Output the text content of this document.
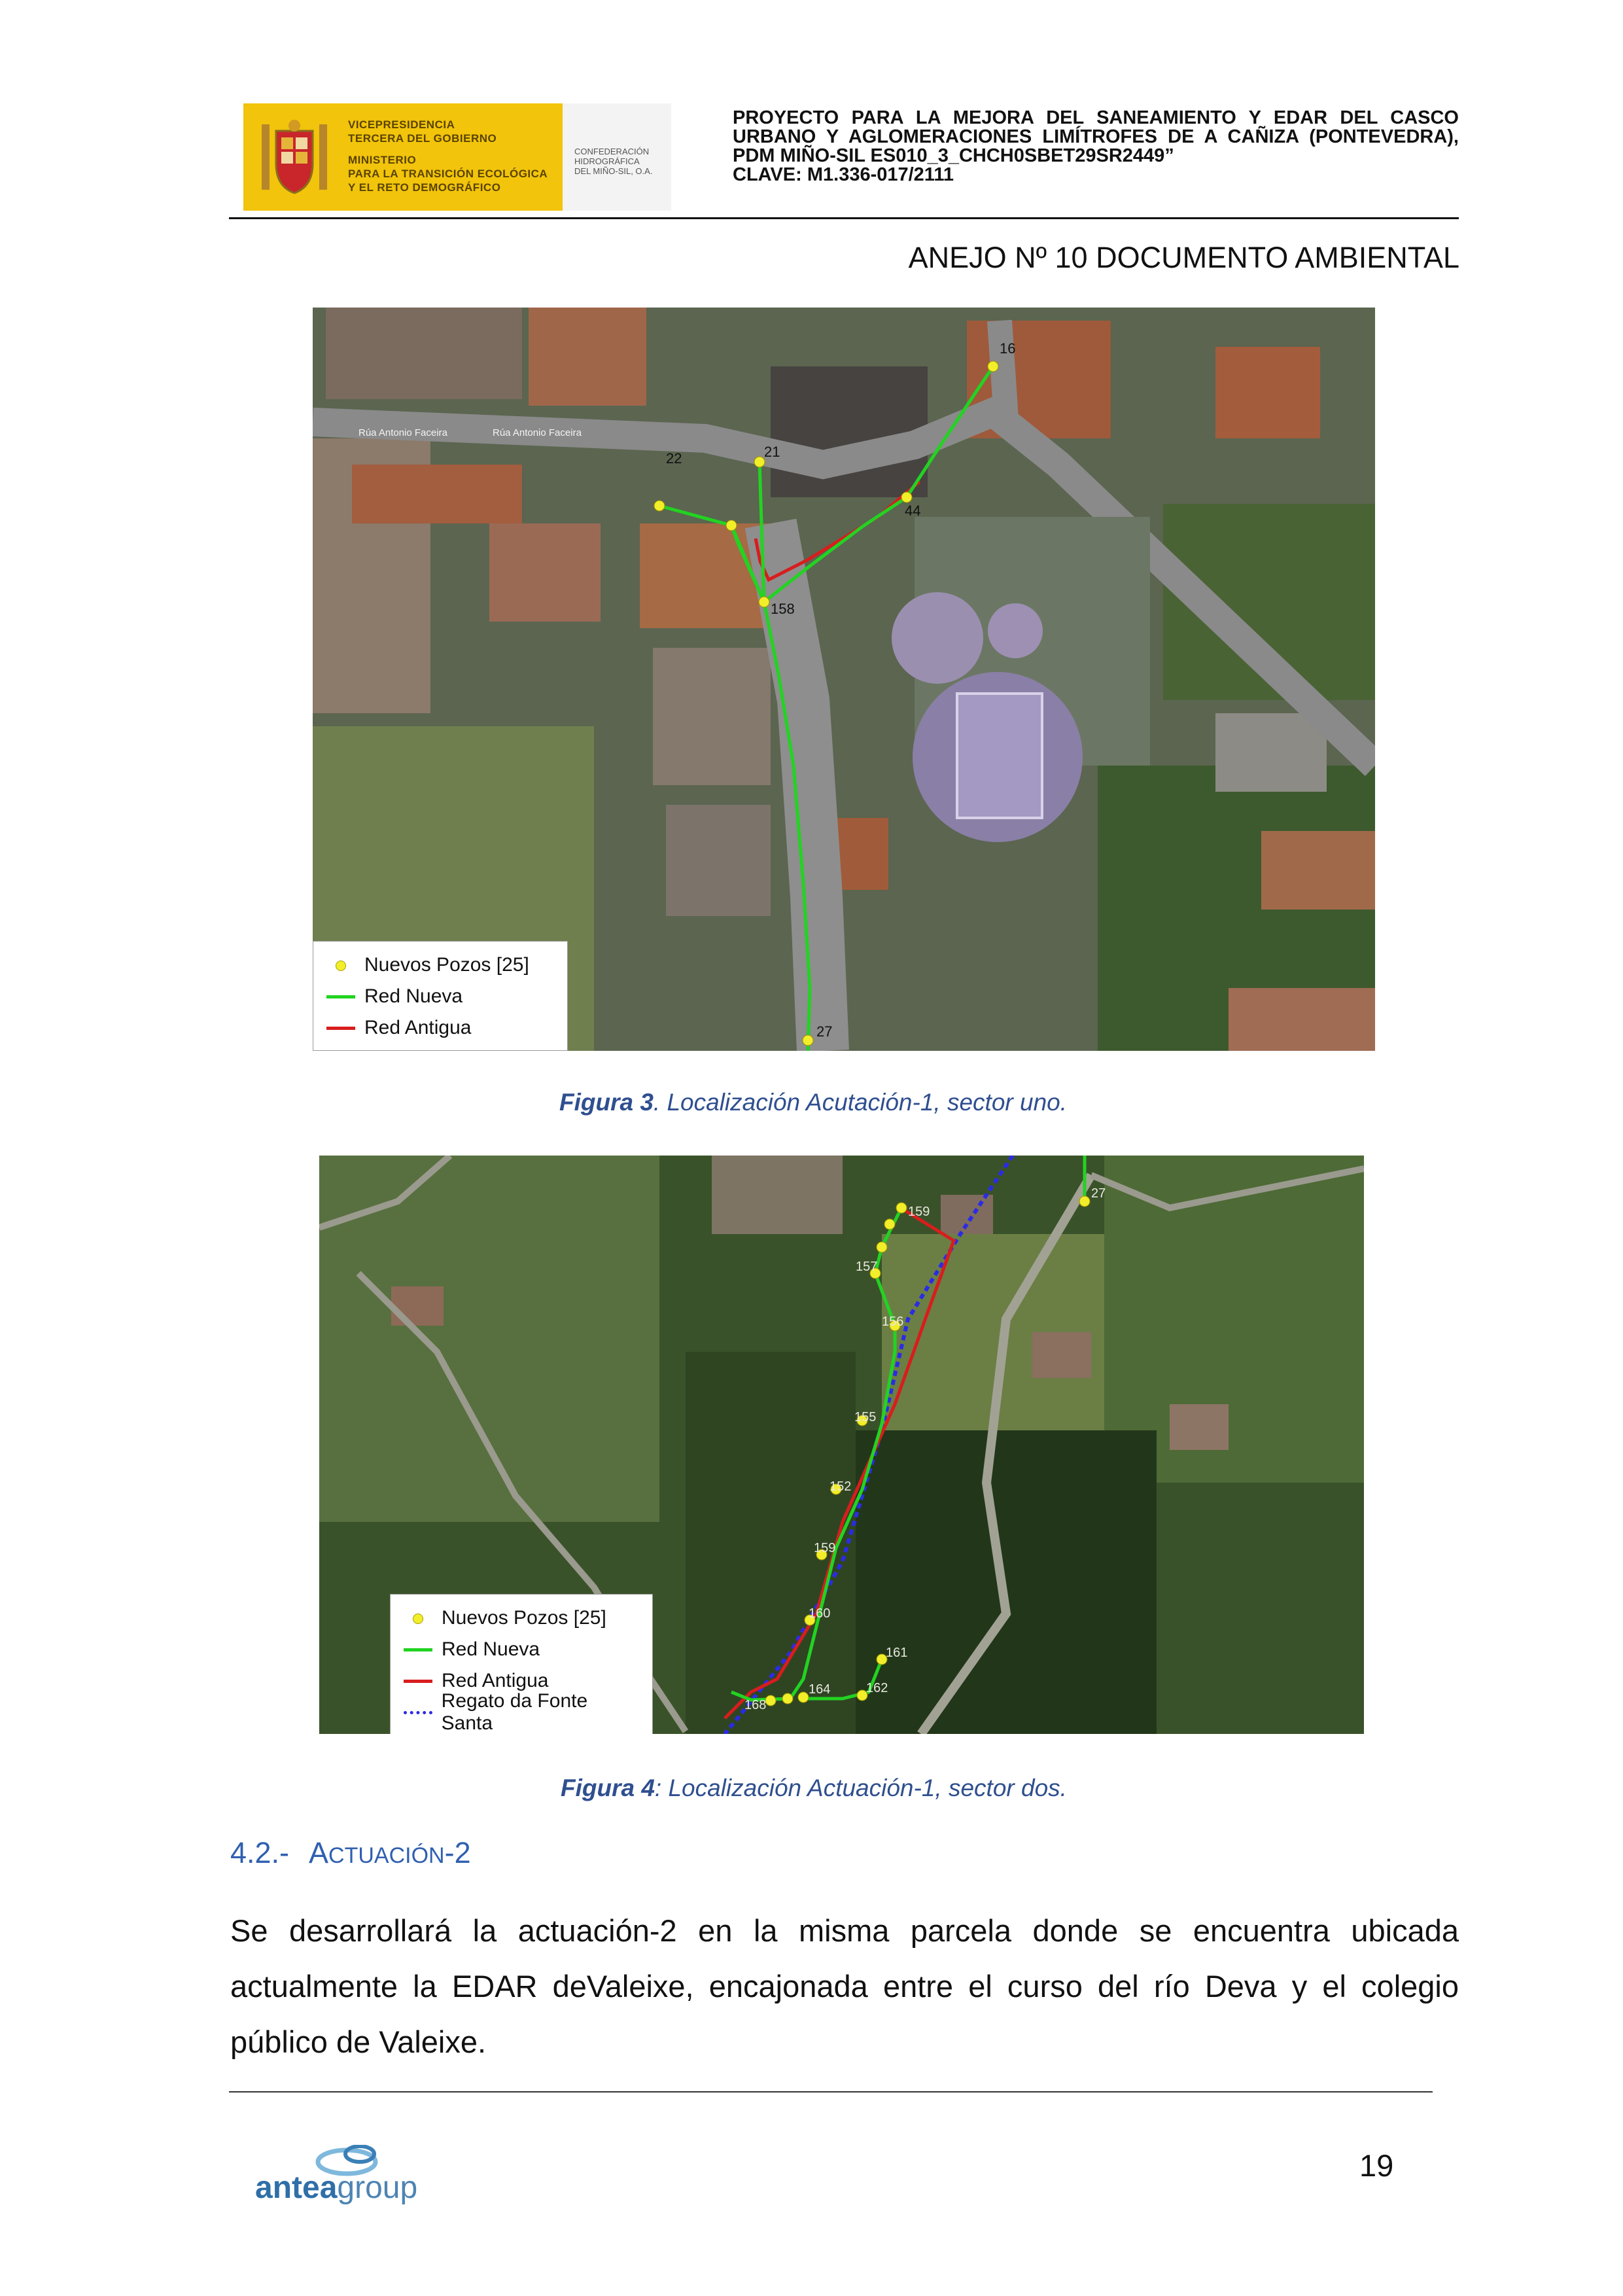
VICEPRESIDENCIA
TERCERA DEL GOBIERNO
MINISTERIO
PARA LA TRANSICIÓN ECOLÓGICA
Y EL RETO DEMOGRÁFICO
CONFEDERACIÓN
HIDROGRÁFICA
DEL MIÑO-SIL, O.A.
PROYECTO PARA LA MEJORA DEL SANEAMIENTO Y EDAR DEL CASCO URBANO Y AGLOMERACIONES LIMÍTROFES DE A CAÑIZA (PONTEVEDRA), PDM MIÑO-SIL ES010_3_CHCH0SBET29SR2449”
CLAVE: M1.336-017/2111
ANEJO Nº 10 DOCUMENTO AMBIENTAL
16
22	21
44
158
27
Rúa Antonio Faceira	Rúa Antonio Faceira
Nuevos Pozos [25]
Red Nueva
Red Antigua
Figura 3. Localización Acutación-1, sector uno.
27
159
157
156
155
152
159
160
161
162
164
168
Nuevos Pozos [25]
Red Nueva
Red Antigua
Regato da Fonte Santa
Figura 4: Localización Actuación-1, sector dos.
4.2.- ACTUACIÓN-2
Se desarrollará la actuación-2 en la misma parcela donde se encuentra ubicada actualmente la EDAR deValeixe, encajonada entre el curso del río Deva y el colegio público de Valeixe.
anteagroup
19
